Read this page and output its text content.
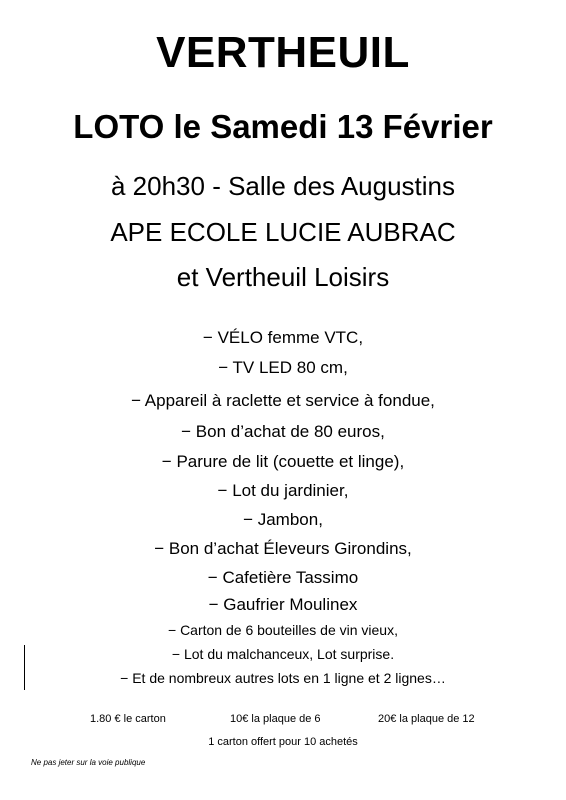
VERTHEUIL
LOTO le Samedi 13 Février
à 20h30 - Salle des Augustins
APE ECOLE LUCIE AUBRAC
et Vertheuil Loisirs
− VÉLO femme VTC,
− TV LED 80 cm,
− Appareil à raclette et service à fondue,
− Bon d’achat de 80 euros,
− Parure de lit (couette et linge),
− Lot du jardinier,
− Jambon,
− Bon d’achat Éleveurs Girondins,
− Cafetière Tassimo
− Gaufrier Moulinex
− Carton de 6 bouteilles de vin vieux,
− Lot du malchanceux, Lot surprise.
− Et de nombreux autres lots en 1 ligne et 2 lignes…
1.80 € le carton	10€ la plaque de 6	20€ la plaque de 12
1 carton offert pour 10 achetés
Ne pas jeter sur la voie publique
